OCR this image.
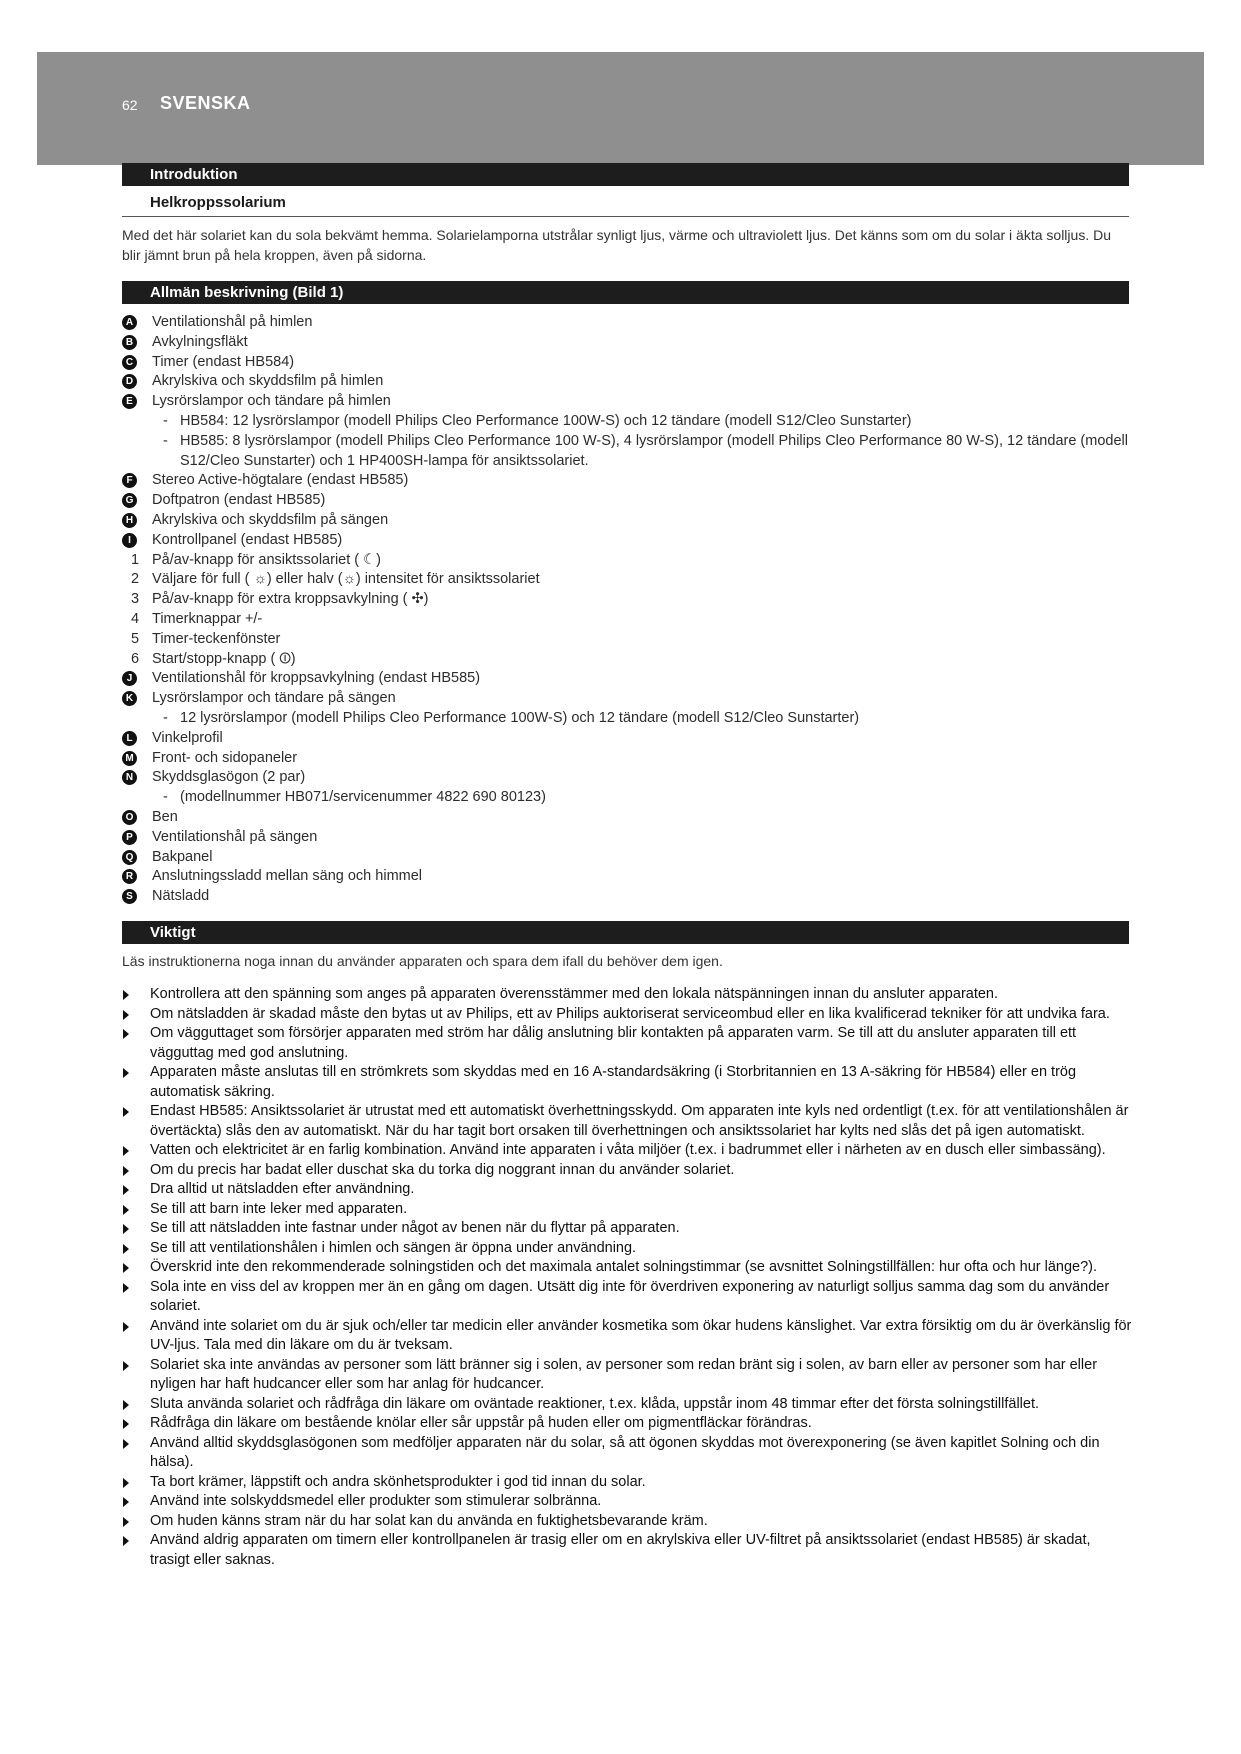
62 SVENSKA
Introduktion
Helkroppssolarium
Med det här solariet kan du sola bekvämt hemma. Solarielamporna utstrålar synligt ljus, värme och ultraviolett ljus. Det känns som om du solar i äkta solljus. Du blir jämnt brun på hela kroppen, även på sidorna.
Allmän beskrivning (Bild 1)
A Ventilationshål på himlen
B Avkylningsfläkt
C Timer (endast HB584)
D Akrylskiva och skyddsfilm på himlen
E Lysrörslampor och tändare på himlen
- HB584: 12 lysrörslampor (modell Philips Cleo Performance 100W-S) och 12 tändare (modell S12/Cleo Sunstarter)
- HB585: 8 lysrörslampor (modell Philips Cleo Performance 100 W-S), 4 lysrörslampor (modell Philips Cleo Performance 80 W-S), 12 tändare (modell S12/Cleo Sunstarter) och 1 HP400SH-lampa för ansiktssolariet.
F	Stereo Active-högtalare (endast HB585)
G Doftpatron (endast HB585)
H Akrylskiva och skyddsfilm på sängen
I	Kontrollpanel (endast HB585)
1 På/av-knapp för ansiktssolariet ( ☾)
2 Väljare för full ( ☼) eller halv (☼) intensitet för ansiktssolariet
3 På/av-knapp för extra kroppsavkylning ( ✣)
4 Timerknappar +/-
5 Timer-teckenfönster
6 Start/stopp-knapp ( ⏼)
J	Ventilationshål för kroppsavkylning (endast HB585)
K Lysrörslampor och tändare på sängen
- 12 lysrörslampor (modell Philips Cleo Performance 100W-S) och 12 tändare (modell S12/Cleo Sunstarter)
L	Vinkelprofil
M Front- och sidopaneler
N Skyddsglasögon (2 par)
- (modellnummer HB071/servicenummer 4822 690 80123)
O Ben
P Ventilationshål på sängen
Q Bakpanel
R Anslutningssladd mellan säng och himmel
S Nätsladd
Viktigt
Läs instruktionerna noga innan du använder apparaten och spara dem ifall du behöver dem igen.
Kontrollera att den spänning som anges på apparaten överensstämmer med den lokala nätspänningen innan du ansluter apparaten.
Om nätsladden är skadad måste den bytas ut av Philips, ett av Philips auktoriserat serviceombud eller en lika kvalificerad tekniker för att undvika fara.
Om vägguttaget som försörjer apparaten med ström har dålig anslutning blir kontakten på apparaten varm. Se till att du ansluter apparaten till ett vägguttag med god anslutning.
Apparaten måste anslutas till en strömkrets som skyddas med en 16 A-standardsäkring (i Storbritannien en 13 A-säkring för HB584) eller en trög automatisk säkring.
Endast HB585: Ansiktssolariet är utrustat med ett automatiskt överhettningsskydd. Om apparaten inte kyls ned ordentligt (t.ex. för att ventilationshålen är övertäckta) slås den av automatiskt. När du har tagit bort orsaken till överhettningen och ansiktssolariet har kylts ned slås det på igen automatiskt.
Vatten och elektricitet är en farlig kombination. Använd inte apparaten i våta miljöer (t.ex. i badrummet eller i närheten av en dusch eller simbassäng).
Om du precis har badat eller duschat ska du torka dig noggrant innan du använder solariet.
Dra alltid ut nätsladden efter användning.
Se till att barn inte leker med apparaten.
Se till att nätsladden inte fastnar under något av benen när du flyttar på apparaten.
Se till att ventilationshålen i himlen och sängen är öppna under användning.
Överskrid inte den rekommenderade solningstiden och det maximala antalet solningstimmar (se avsnittet Solningstillfällen: hur ofta och hur länge?).
Sola inte en viss del av kroppen mer än en gång om dagen. Utsätt dig inte för överdriven exponering av naturligt solljus samma dag som du använder solariet.
Använd inte solariet om du är sjuk och/eller tar medicin eller använder kosmetika som ökar hudens känslighet. Var extra försiktig om du är överkänslig för UV-ljus. Tala med din läkare om du är tveksam.
Solariet ska inte användas av personer som lätt bränner sig i solen, av personer som redan bränt sig i solen, av barn eller av personer som har eller nyligen har haft hudcancer eller som har anlag för hudcancer.
Sluta använda solariet och rådfråga din läkare om oväntade reaktioner, t.ex. klåda, uppstår inom 48 timmar efter det första solningstillfället.
Rådfråga din läkare om bestående knölar eller sår uppstår på huden eller om pigmentfläckar förändras.
Använd alltid skyddsglasögonen som medföljer apparaten när du solar, så att ögonen skyddas mot överexponering (se även kapitlet Solning och din hälsa).
Ta bort krämer, läppstift och andra skönhetsprodukter i god tid innan du solar.
Använd inte solskyddsmedel eller produkter som stimulerar solbränna.
Om huden känns stram när du har solat kan du använda en fuktighetsbevarande kräm.
Använd aldrig apparaten om timern eller kontrollpanelen är trasig eller om en akrylskiva eller UV-filtret på ansiktssolariet (endast HB585) är skadat, trasigt eller saknas.
